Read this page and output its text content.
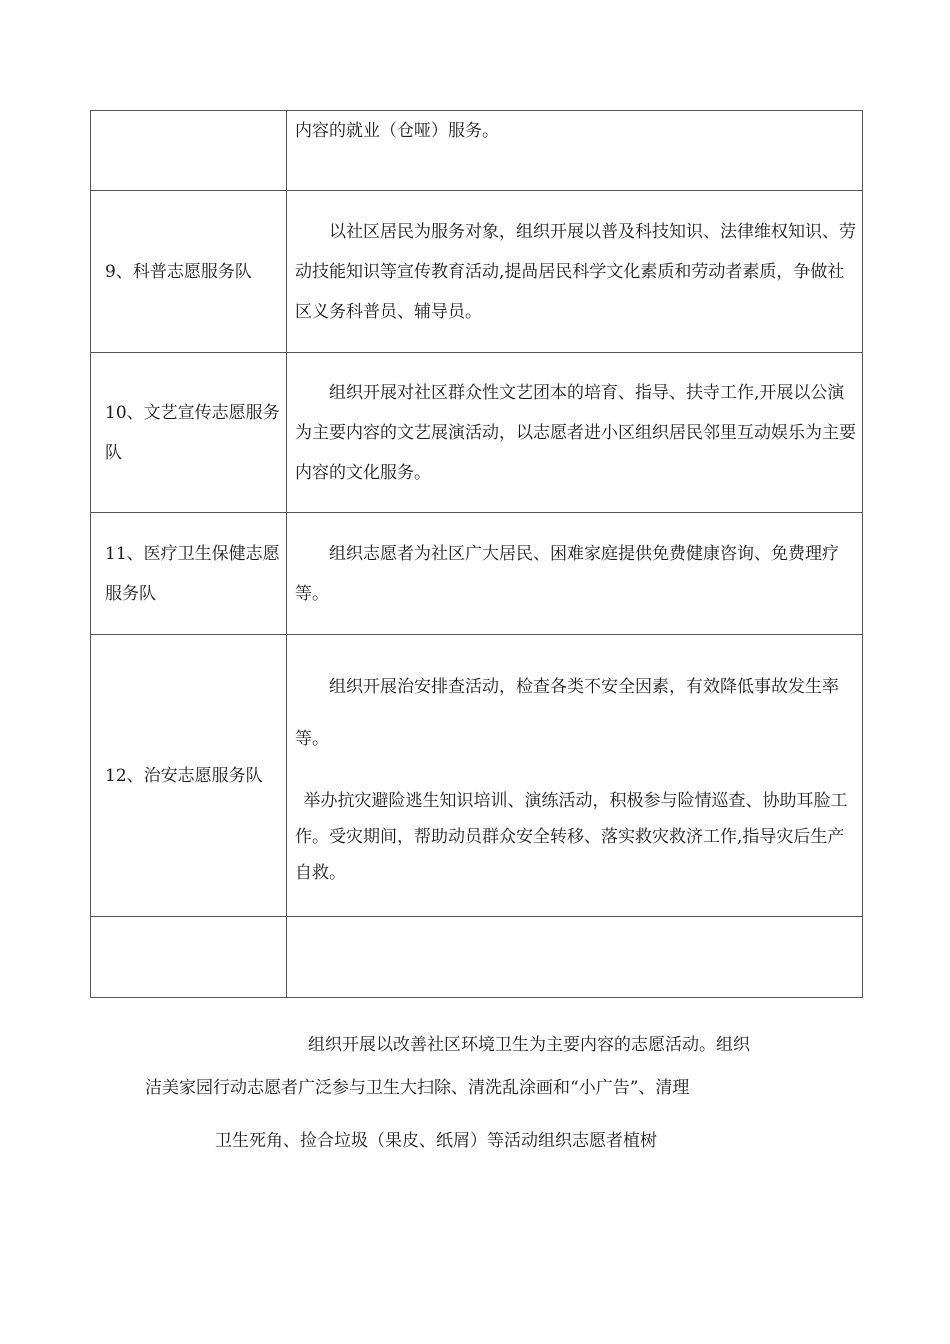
	内容的就业（仓哑）服务。

9、科普志愿服务队	以社区居民为服务对象，组织开展以普及科技知识、法律维权知识、劳动技能知识等宣传教育活动,提咼居民科学文化素质和劳动者素质，争做社区义务科普员、辅导员。

10、文艺宣传志愿服务队	组织开展对社区群众性文艺团本的培育、指导、扶寺工作,开展以公演为主要内容的文艺展演活动，以志愿者进小区组织居民邻里互动娱乐为主要内容的文化服务。

11、医疗卫生保健志愿服务队	组织志愿者为社区广大居民、困难家庭提供免费健康咨询、免费理疗等。

12、治安志愿服务队	组织开展治安排查活动，检查各类不安全因素，有效降低事故发生率等。

举办抗灾避险逃生知识培训、演练活动，积极参与险情巡查、协助耳脸工作。受灾期间，帮助动员群众安全转移、落实救灾救济工作,指导灾后生产自救。

组织开展以改善社区环境卫生为主要内容的志愿活动。组织
洁美家园行动志愿者广泛参与卫生大扫除、清洗乱涂画和“小广告”、清理
卫生死角、捡合垃圾（果皮、纸屑）等活动组织志愿者植树
